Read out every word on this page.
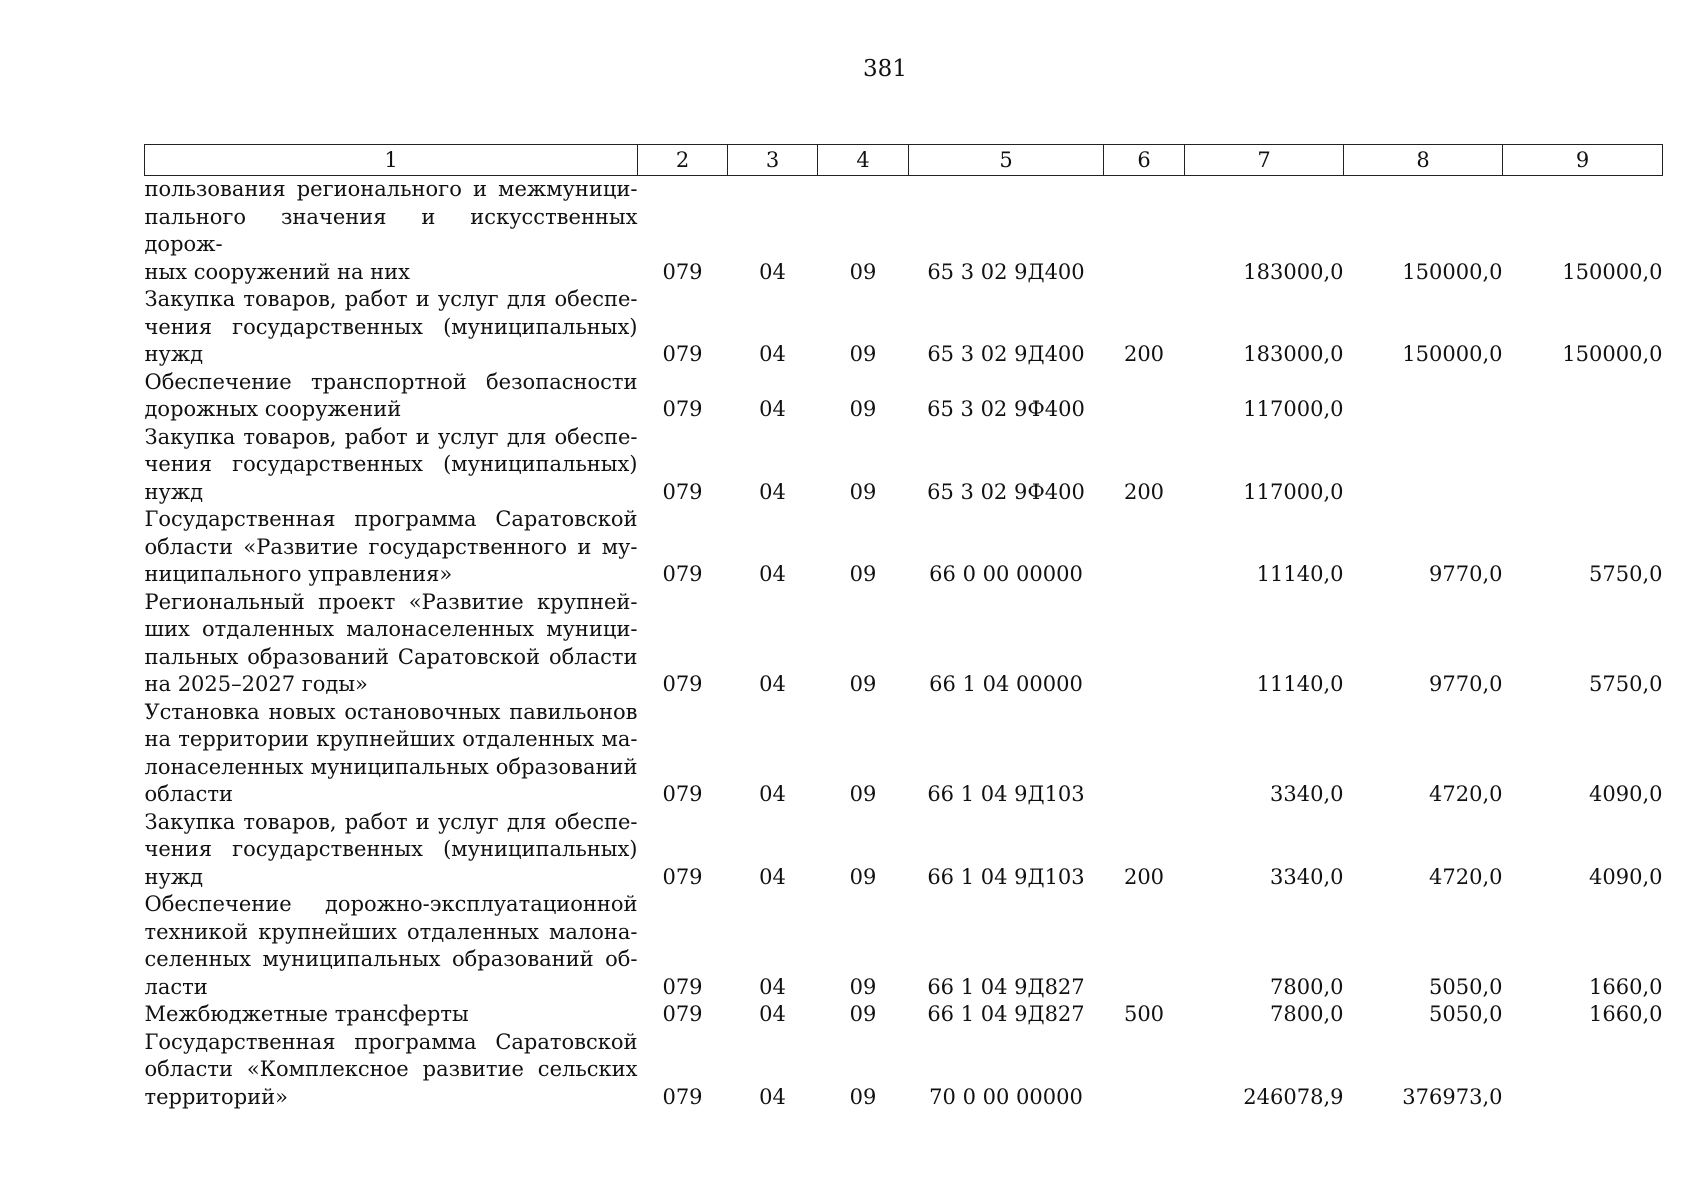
381
1	2	3	4	5	6	7	8	9

пользования регионального и межмуници-
пального значения и искусственных дорож-
ных сооружений на них	079	04	09	65 3 02 9Д400		183000,0	150000,0	150000,0

Закупка товаров, работ и услуг для обеспе-
чения государственных (муниципальных)
нужд	079	04	09	65 3 02 9Д400	200	183000,0	150000,0	150000,0

Обеспечение транспортной безопасности
дорожных сооружений	079	04	09	65 3 02 9Ф400		117000,0		

Закупка товаров, работ и услуг для обеспе-
чения государственных (муниципальных)
нужд	079	04	09	65 3 02 9Ф400	200	117000,0		

Государственная программа Саратовской
области «Развитие государственного и му-
ниципального управления»	079	04	09	66 0 00 00000		11140,0	9770,0	5750,0

Региональный проект «Развитие крупней-
ших отдаленных малонаселенных муници-
пальных образований Саратовской области
на 2025–2027 годы»	079	04	09	66 1 04 00000		11140,0	9770,0	5750,0

Установка новых остановочных павильонов
на территории крупнейших отдаленных ма-
лонаселенных муниципальных образований
области	079	04	09	66 1 04 9Д103		3340,0	4720,0	4090,0

Закупка товаров, работ и услуг для обеспе-
чения государственных (муниципальных)
нужд	079	04	09	66 1 04 9Д103	200	3340,0	4720,0	4090,0

Обеспечение дорожно-эксплуатационной
техникой крупнейших отдаленных малона-
селенных муниципальных образований об-
ласти	079	04	09	66 1 04 9Д827		7800,0	5050,0	1660,0

Межбюджетные трансферты	079	04	09	66 1 04 9Д827	500	7800,0	5050,0	1660,0

Государственная программа Саратовской
области «Комплексное развитие сельских
территорий»	079	04	09	70 0 00 00000		246078,9	376973,0	
